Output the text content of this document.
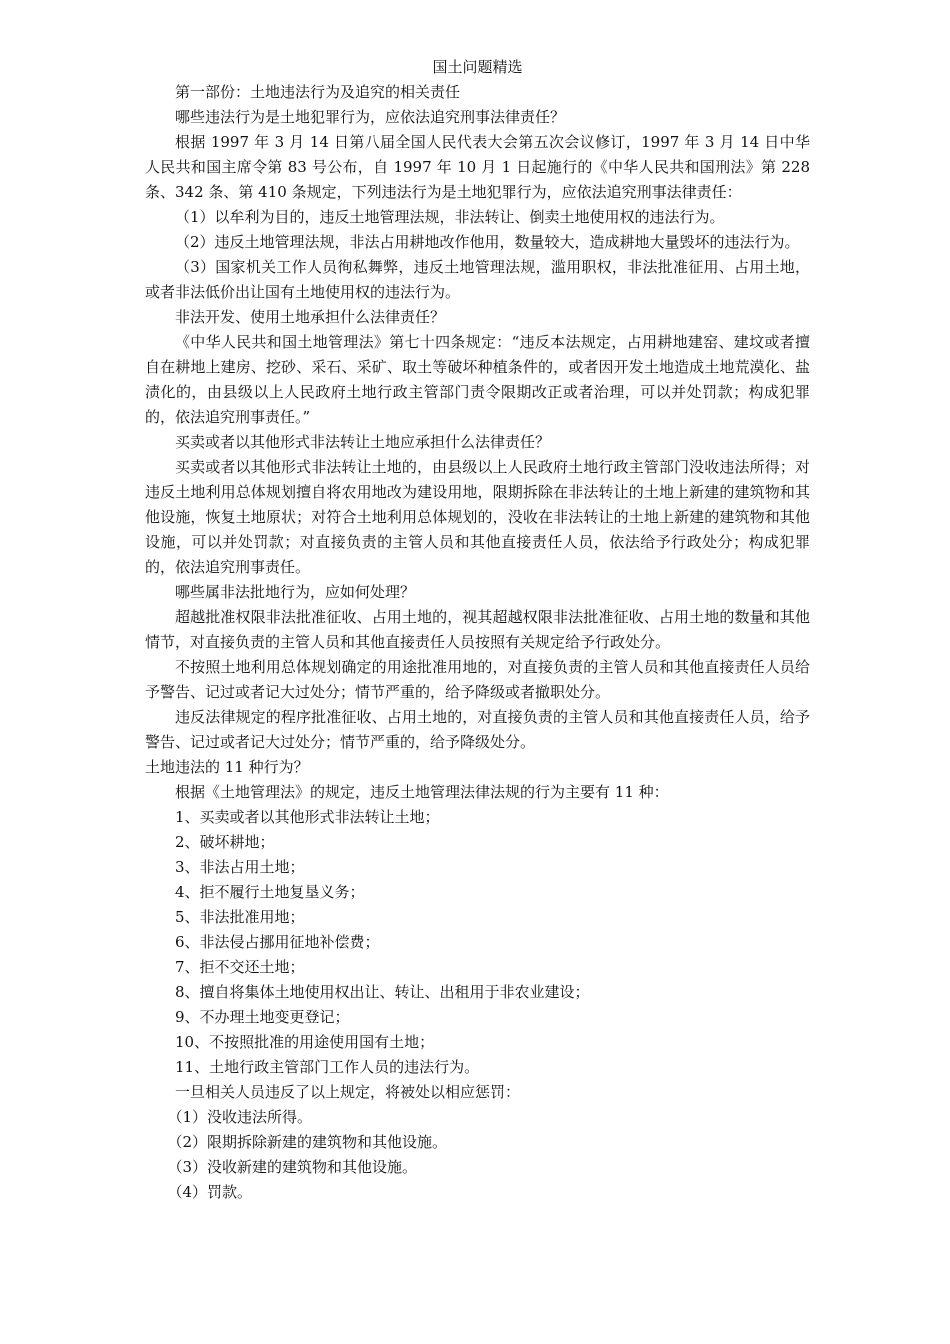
国土问题精选

第一部份：土地违法行为及追究的相关责任

哪些违法行为是土地犯罪行为，应依法追究刑事法律责任？

根据 1997 年 3 月 14 日第八届全国人民代表大会第五次会议修订，1997 年 3 月 14 日中华人民共和国主席令第 83 号公布，自 1997 年 10 月 1 日起施行的《中华人民共和国刑法》第 228 条、342 条、第 410 条规定，下列违法行为是土地犯罪行为，应依法追究刑事法律责任：

（1）以牟利为目的，违反土地管理法规，非法转让、倒卖土地使用权的违法行为。

（2）违反土地管理法规，非法占用耕地改作他用，数量较大，造成耕地大量毁坏的违法行为。

（3）国家机关工作人员徇私舞弊，违反土地管理法规，滥用职权，非法批准征用、占用土地，或者非法低价出让国有土地使用权的违法行为。

非法开发、使用土地承担什么法律责任？

《中华人民共和国土地管理法》第七十四条规定：“违反本法规定，占用耕地建窑、建坟或者擅自在耕地上建房、挖砂、采石、采矿、取土等破坏种植条件的，或者因开发土地造成土地荒漠化、盐渍化的，由县级以上人民政府土地行政主管部门责令限期改正或者治理，可以并处罚款；构成犯罪的，依法追究刑事责任。”

买卖或者以其他形式非法转让土地应承担什么法律责任？

买卖或者以其他形式非法转让土地的，由县级以上人民政府土地行政主管部门没收违法所得；对违反土地利用总体规划擅自将农用地改为建设用地，限期拆除在非法转让的土地上新建的建筑物和其他设施，恢复土地原状；对符合土地利用总体规划的，没收在非法转让的土地上新建的建筑物和其他设施，可以并处罚款；对直接负责的主管人员和其他直接责任人员，依法给予行政处分；构成犯罪的，依法追究刑事责任。

哪些属非法批地行为，应如何处理？

超越批准权限非法批准征收、占用土地的，视其超越权限非法批准征收、占用土地的数量和其他情节，对直接负责的主管人员和其他直接责任人员按照有关规定给予行政处分。

不按照土地利用总体规划确定的用途批准用地的，对直接负责的主管人员和其他直接责任人员给予警告、记过或者记大过处分；情节严重的，给予降级或者撤职处分。

违反法律规定的程序批准征收、占用土地的，对直接负责的主管人员和其他直接责任人员，给予警告、记过或者记大过处分；情节严重的，给予降级处分。

土地违法的 11 种行为？

根据《土地管理法》的规定，违反土地管理法律法规的行为主要有 11 种：

1、买卖或者以其他形式非法转让土地；

2、破坏耕地；

3、非法占用土地；

4、拒不履行土地复垦义务；

5、非法批准用地；

6、非法侵占挪用征地补偿费；

7、拒不交还土地；

8、擅自将集体土地使用权出让、转让、出租用于非农业建设；

9、不办理土地变更登记；

10、不按照批准的用途使用国有土地；

11、土地行政主管部门工作人员的违法行为。

一旦相关人员违反了以上规定，将被处以相应惩罚：

（1）没收违法所得。

（2）限期拆除新建的建筑物和其他设施。

（3）没收新建的建筑物和其他设施。

（4）罚款。
